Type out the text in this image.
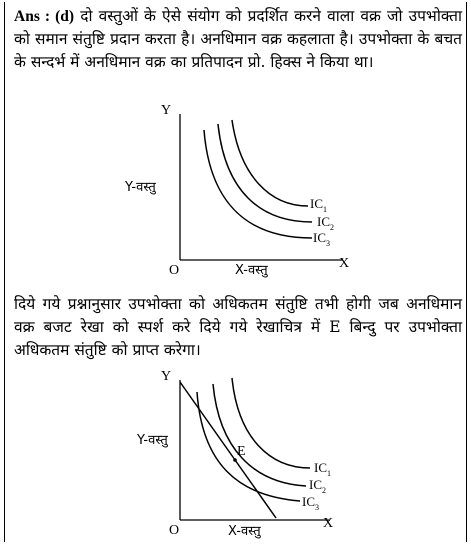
Ans : (d) दो वस्तुओं के ऐसे संयोग को प्रदर्शित करने वाला वक्र जो उपभोक्ता को समान संतुष्टि प्रदान करता है। अनधिमान वक्र कहलाता है। उपभोक्ता के बचत के सन्दर्भ में अनधिमान वक्र का प्रतिपादन प्रो. हिक्स ने किया था।
Y
X
O
Y-वस्तु
X-वस्तु
$IC_1$
$IC_2$
$IC_3$
दिये गये प्रश्नानुसार उपभोक्ता को अधिकतम संतुष्टि तभी होगी जब अनधिमान वक्र बजट रेखा को स्पर्श करे दिये गये रेखाचित्र में E बिन्दु पर उपभोक्ता अधिकतम संतुष्टि को प्राप्त करेगा।
Y
X
O
Y-वस्तु
X-वस्तु
E
$IC_1$
$IC_2$
$IC_3$
